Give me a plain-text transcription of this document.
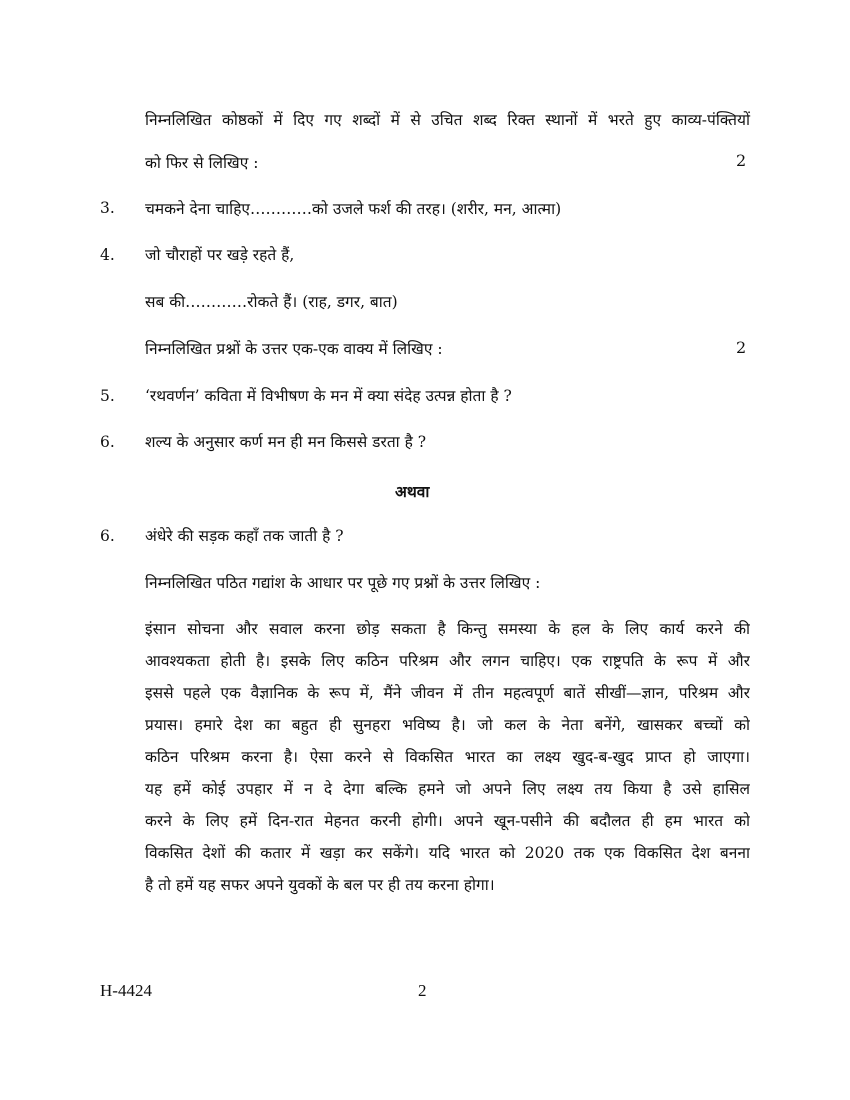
निम्नलिखित कोष्ठकों में दिए गए शब्दों में से उचित शब्द रिक्त स्थानों में भरते हुए काव्य-पंक्तियों
को फिर से लिखिए :	2
3. चमकने देना चाहिए…………को उजले फर्श की तरह। (शरीर, मन, आत्मा)
4. जो चौराहों पर खड़े रहते हैं,
सब की…………रोकते हैं। (राह, डगर, बात)
निम्नलिखित प्रश्नों के उत्तर एक-एक वाक्य में लिखिए :	2
5. ‘रथवर्णन’ कविता में विभीषण के मन में क्या संदेह उत्पन्न होता है ?
6. शल्य के अनुसार कर्ण मन ही मन किससे डरता है ?
अथवा
6. अंधेरे की सड़क कहाँ तक जाती है ?
निम्नलिखित पठित गद्यांश के आधार पर पूछे गए प्रश्नों के उत्तर लिखिए :
इंसान सोचना और सवाल करना छोड़ सकता है किन्तु समस्या के हल के लिए कार्य करने की
आवश्यकता होती है। इसके लिए कठिन परिश्रम और लगन चाहिए। एक राष्ट्रपति के रूप में और
इससे पहले एक वैज्ञानिक के रूप में, मैंने जीवन में तीन महत्वपूर्ण बातें सीखीं—ज्ञान, परिश्रम और
प्रयास। हमारे देश का बहुत ही सुनहरा भविष्य है। जो कल के नेता बनेंगे, खासकर बच्चों को
कठिन परिश्रम करना है। ऐसा करने से विकसित भारत का लक्ष्य खुद-ब-खुद प्राप्त हो जाएगा।
यह हमें कोई उपहार में न दे देगा बल्कि हमने जो अपने लिए लक्ष्य तय किया है उसे हासिल
करने के लिए हमें दिन-रात मेहनत करनी होगी। अपने खून-पसीने की बदौलत ही हम भारत को
विकसित देशों की कतार में खड़ा कर सकेंगे। यदि भारत को 2020 तक एक विकसित देश बनना
है तो हमें यह सफर अपने युवकों के बल पर ही तय करना होगा।
H-4424	2
